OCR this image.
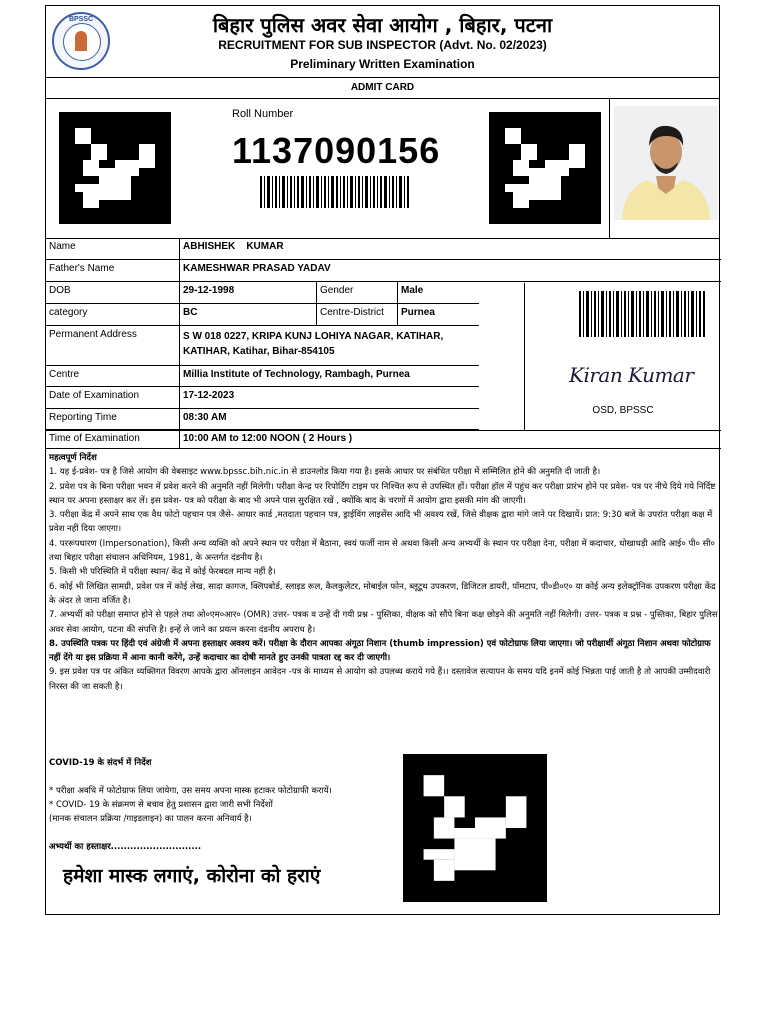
BPSSC	बिहार पुलिस अवर सेवा आयोग , बिहार, पटना
RECRUITMENT FOR SUB INSPECTOR (Advt. No. 02/2023)
Preliminary Written Examination
ADMIT CARD
Roll Number
1137090156
Name	ABHISHEK    KUMAR
Father's Name	KAMESHWAR PRASAD YADAV
DOB	29-12-1998	Gender	Male
category	BC	Centre-District	Purnea
Permanent Address	S W 018 0227, KRIPA KUNJ LOHIYA NAGAR, KATIHAR, KATIHAR, Katihar, Bihar-854105
Centre	Millia Institute of Technology, Rambagh, Purnea
Date of Examination	17-12-2023
Reporting Time	08:30 AM
Time of Examination	10:00 AM to 12:00 NOON ( 2 Hours )
Kiran Kumar
OSD, BPSSC

महत्वपूर्ण निर्देश

1. यह ई-प्रवेश- पत्र है जिसे आयोग की वेबसाइट www.bpssc.bih.nic.in से डाउनलोड किया गया है। इसके आधार पर संबंधित परीक्षा में सम्मिलित होने की अनुमति दी जाती है।

2. प्रवेश पत्र के बिना परीक्षा भवन में प्रवेश करने की अनुमति नहीं मिलेगी। परीक्षा केन्द्र पर रिपोर्टिंग टाइम पर निश्चित रूप से उपस्थित हों। परीक्षा हॉल में पहुंच कर परीक्षा प्रारंभ होने पर प्रवेश- पत्र पर नीचे दिये गये निर्दिष्ट स्थान पर अपना हस्ताक्षर कर लें। इस प्रवेश- पत्र को परीक्षा के बाद भी अपने पास सुरक्षित रखें , क्योंकि बाद के चरणों में आयोग द्वारा इसकी मांग की जाएगी।

3. परीक्षा केंद्र में अपने साथ एक वैध फोटो पहचान पत्र जैसे- आधार कार्ड ,मतदाता पहचान पत्र, ड्राईविंग लाइसेंस आदि भी अवश्य रखें, जिसे वीक्षक द्वारा मांगे जाने पर दिखायें। प्रात: 9:30 बजे के उपरांत परीक्षा कक्ष में प्रवेश नहीं दिया जाएगा।

4. पररूपधारण (Impersonation), किसी अन्य व्यक्ति को अपने स्थान पर परीक्षा में बैठाना, स्वयं फर्जी नाम से अथवा किसी अन्य अभ्यर्थी के स्थान पर परीक्षा देना, परीक्षा में कदाचार, धोखाधड़ी आदि आई० पी० सी० तथा बिहार परीक्षा संचालन अधिनियम, 1981, के अन्तर्गत दंडनीय है।

5. किसी भी परिस्थिति में परीक्षा स्थान/ केंद्र में कोई फेरबदल मान्य नहीं है।

6. कोई भी लिखित सामग्री, प्रवेश पत्र में कोई लेख, सादा कागज, क्लिपबोर्ड, स्लाइड रूल, कैलकुलेटर, मोबाईल फोन, ब्लूटूथ उपकरण, डिजिटल डायरी, पॉमटाप, पी०डी०ए० या कोई अन्य इलेक्ट्रॉनिक उपकरण परीक्षा केंद्र के अंदर ले जाना वर्जित है।

7. अभ्यर्थी को परीक्षा समाप्त होने से पहले तथा ओ०एम०आर० (OMR) उत्तर- पत्रक व उन्हें दी गयी प्रश्न - पुस्तिका, वीक्षक को सौंपे बिना कक्ष छोड़ने की अनुमति नहीं मिलेगी। उत्तर- पत्रक व प्रश्न - पुस्तिका, बिहार पुलिस अवर सेवा आयोग, पटना की संपत्ति है। इन्हें ले जाने का प्रयत्न करना दंडनीय अपराध है।

8. उपस्थिति पत्रक पर हिंदी एवं अंग्रेजी में अपना हस्ताक्षर अवश्य करें। परीक्षा के दौरान आपका अंगूठा निशान (thumb impression) एवं फोटोग्राफ लिया जाएगा। जो परीक्षार्थी अंगूठा निशान अथवा फोटोग्राफ नहीं देंगे या इस प्रक्रिया में आना कानी करेंगे, उन्हें कदाचार का दोषी मानते हुए उनकी पात्रता रद्द कर दी जाएगी।

9. इस प्रवेश पत्र पर अंकित व्यक्तिगत विवरण आपके द्वारा ऑनलाइन आवेदन -पत्र के माध्यम से आयोग को उपलब्ध कराये गये हैं।। दस्तावेज सत्यापन के समय यदि इनमें कोई भिन्नता पाई जाती है तो आपकी उम्मीदवारी निरस्त की जा सकती है।

COVID-19 के संदर्भ में निर्देश
* परीक्षा अवधि में फोटोग्राफ लिया जायेगा, उस समय अपना मास्क हटाकर फोटोग्राफी करायें।
* COVID- 19 के संक्रमण से बचाव हेतु प्रशासन द्वारा जारी सभी निर्देशों
(मानक संचालन प्रक्रिया /गाइडलाइन) का पालन करना अनिवार्य है।
अभ्यर्थी का हस्ताक्षर............................
हमेशा मास्क लगाएं, कोरोना को हराएं
